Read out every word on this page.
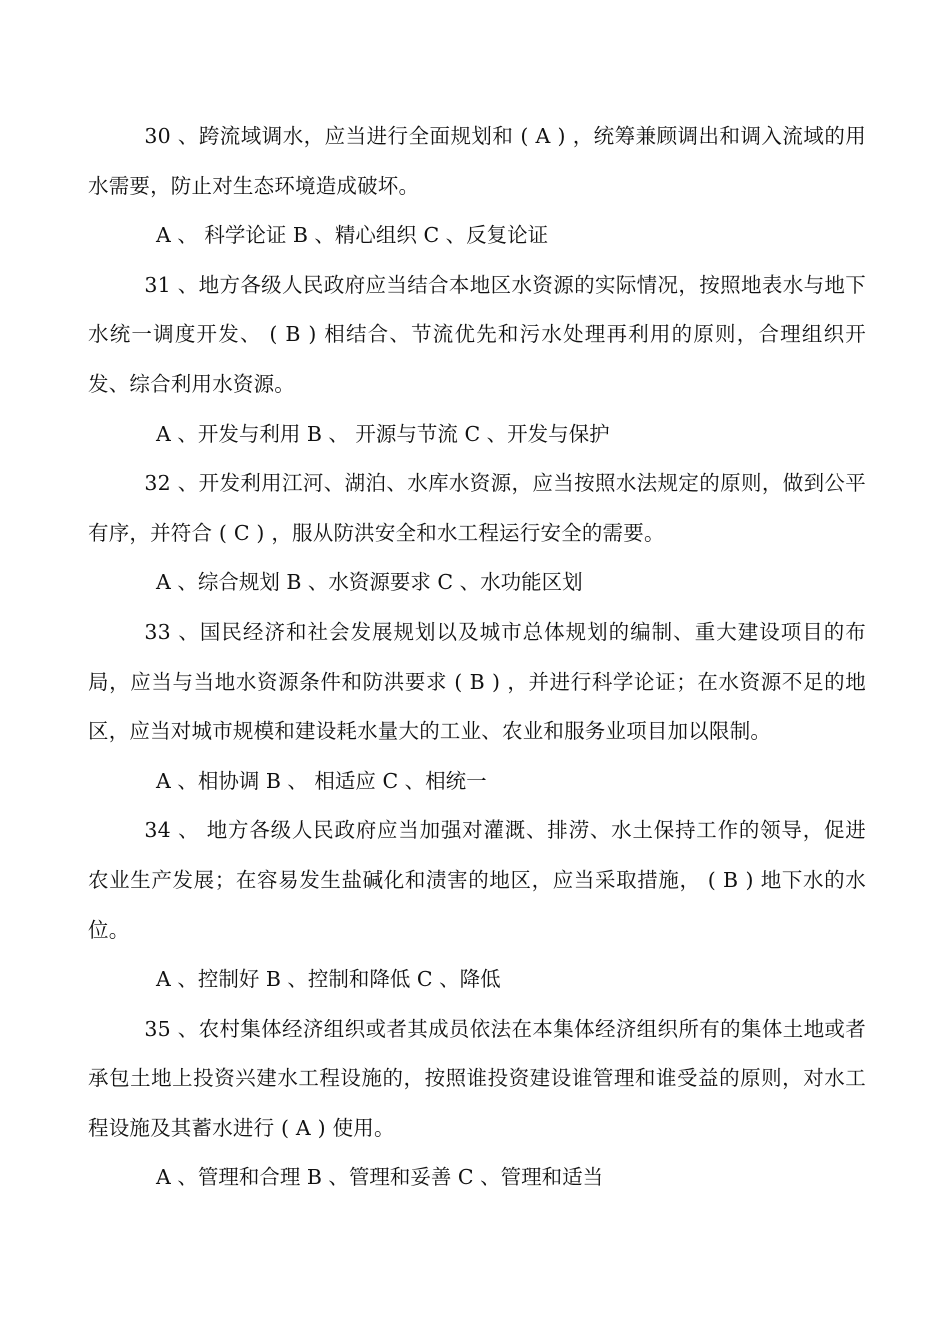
30 、跨流域调水，应当进行全面规划和 ( A ) ，统筹兼顾调出和调入流域的用水需要，防止对生态环境造成破坏。

A 、 科学论证 B 、精心组织 C 、反复论证

31 、地方各级人民政府应当结合本地区水资源的实际情况，按照地表水与地下水统一调度开发、 ( B ) 相结合、节流优先和污水处理再利用的原则，合理组织开发、综合利用水资源。

A 、开发与利用 B 、 开源与节流 C 、开发与保护

32 、开发利用江河、湖泊、水库水资源，应当按照水法规定的原则，做到公平有序，并符合 ( C ) ，服从防洪安全和水工程运行安全的需要。

A 、综合规划 B 、水资源要求 C 、水功能区划

33 、国民经济和社会发展规划以及城市总体规划的编制、重大建设项目的布局，应当与当地水资源条件和防洪要求 ( B ) ，并进行科学论证；在水资源不足的地区，应当对城市规模和建设耗水量大的工业、农业和服务业项目加以限制。

A 、相协调 B 、 相适应 C 、相统一

34 、 地方各级人民政府应当加强对灌溉、排涝、水土保持工作的领导，促进农业生产发展；在容易发生盐碱化和渍害的地区，应当采取措施， ( B ) 地下水的水位。

A 、控制好 B 、控制和降低 C 、降低

35 、农村集体经济组织或者其成员依法在本集体经济组织所有的集体土地或者承包土地上投资兴建水工程设施的，按照谁投资建设谁管理和谁受益的原则，对水工程设施及其蓄水进行 ( A ) 使用。

A 、管理和合理 B 、管理和妥善 C 、管理和适当
